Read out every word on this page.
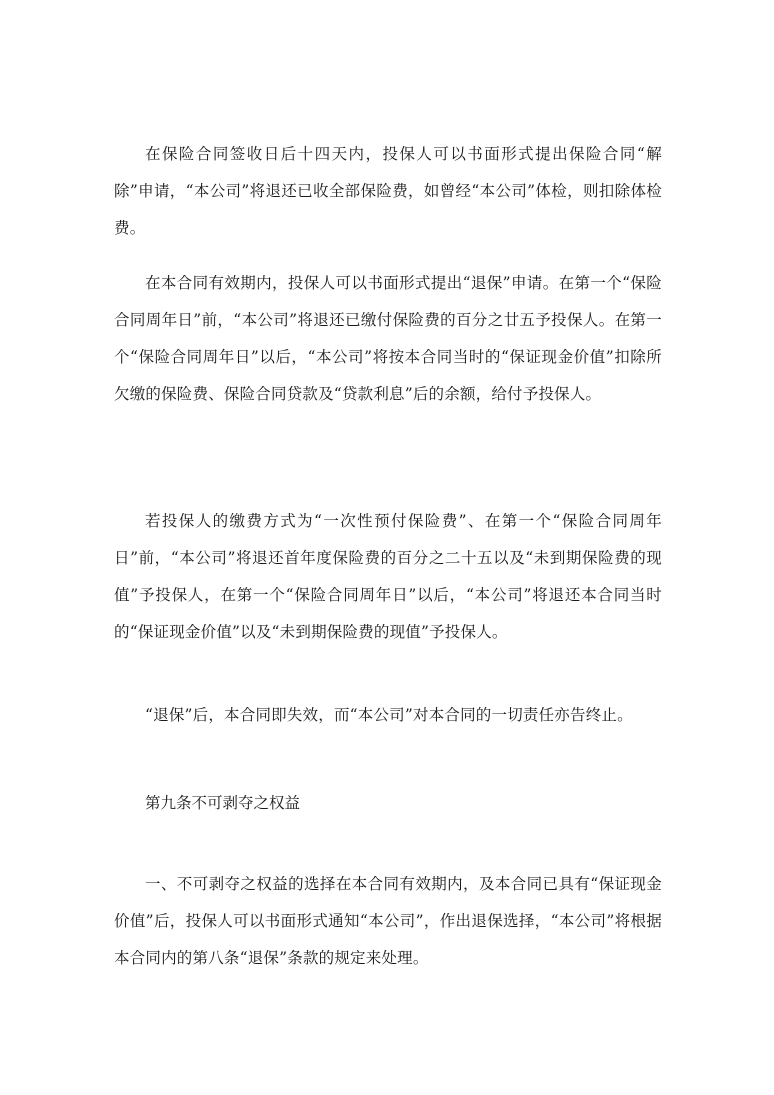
在保险合同签收日后十四天内，投保人可以书面形式提出保险合同“解除”申请，“本公司”将退还已收全部保险费，如曾经“本公司”体检，则扣除体检费。

在本合同有效期内，投保人可以书面形式提出“退保”申请。在第一个“保险合同周年日”前，“本公司”将退还已缴付保险费的百分之廿五予投保人。在第一个“保险合同周年日”以后，“本公司”将按本合同当时的“保证现金价值”扣除所欠缴的保险费、保险合同贷款及“贷款利息”后的余额，给付予投保人。

若投保人的缴费方式为“一次性预付保险费”、在第一个“保险合同周年日”前，“本公司”将退还首年度保险费的百分之二十五以及“未到期保险费的现值”予投保人，在第一个“保险合同周年日”以后，“本公司”将退还本合同当时的“保证现金价值”以及“未到期保险费的现值”予投保人。

“退保”后，本合同即失效，而“本公司”对本合同的一切责任亦告终止。

第九条不可剥夺之权益

一、不可剥夺之权益的选择在本合同有效期内，及本合同已具有“保证现金价值”后，投保人可以书面形式通知“本公司”，作出退保选择，“本公司”将根据本合同内的第八条“退保”条款的规定来处理。
